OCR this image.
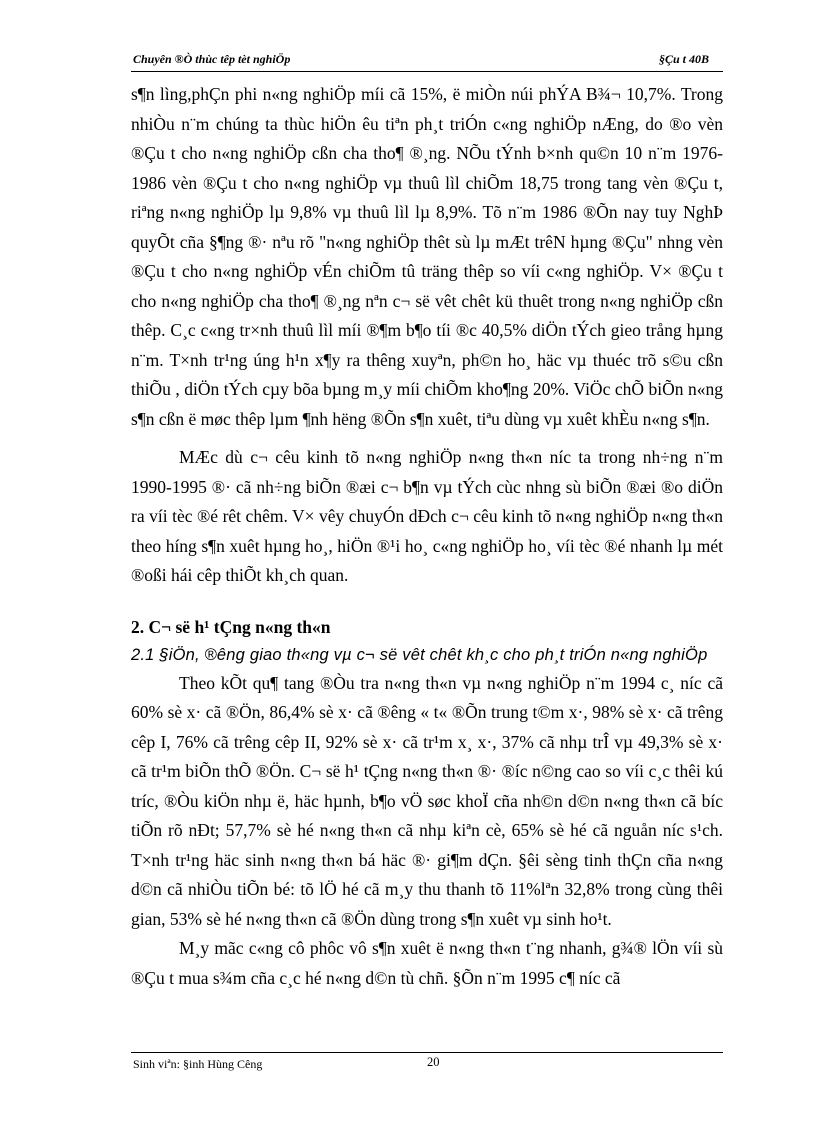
Chuyên ®Ò thùc têp tèt nghiÖp	§Çu t 40B

s¶n lìng,phÇn phi n«ng nghiÖp míi cã 15%, ë miÒn núi phÝA B¾¬ 10,7%. Trong nhiÒu n¨m chúng ta thùc hiÖn êu tiªn ph¸t triÓn c«ng nghiÖp nÆng, do ®o vèn ®Çu t cho n«ng nghiÖp cßn cha tho¶ ®¸ng. NÕu tÝnh b×nh qu©n 10 n¨m 1976-1986 vèn ®Çu t cho n«ng nghiÖp vµ thuû lìl chiÕm 18,75 trong tang vèn ®Çu t, riªng n«ng nghiÖp lµ 9,8% vµ thuû lìl lµ 8,9%. Tõ n¨m 1986 ®Õn nay tuy NghÞ quyÕt cña §¶ng ®· nªu rõ "n«ng nghiÖp thêt sù lµ mÆt trêN hµng ®Çu" nhng vèn ®Çu t cho n«ng nghiÖp vÉn chiÕm tû träng thêp so víi c«ng nghiÖp. V× ®Çu t cho n«ng nghiÖp cha tho¶ ®¸ng nªn c¬ së vêt chêt kü thuêt trong n«ng nghiÖp cßn thêp. C¸c c«ng tr×nh thuû lìl míi ®¶m b¶o tíi ®c 40,5% diÖn tÝch gieo trång hµng n¨m. T×nh tr¹ng úng h¹n x¶y ra thêng xuyªn, ph©n ho¸ häc vµ thuéc trõ s©u cßn thiÕu , diÖn tÝch cµy bõa bµng m¸y míi chiÕm kho¶ng 20%. ViÖc chÕ biÕn n«ng s¶n cßn ë møc thêp lµm ¶nh hëng ®Õn s¶n xuêt, tiªu dùng vµ xuêt khÈu n«ng s¶n.

MÆc dù c¬ cêu kinh tõ n«ng nghiÖp n«ng th«n níc ta trong nh÷ng n¨m 1990-1995 ®· cã nh÷ng biÕn ®æi c¬ b¶n vµ tÝch cùc nhng sù biÕn ®æi ®o diÖn ra víi tèc ®é rêt chêm. V× vêy chuyÓn dÐch c¬ cêu kinh tõ n«ng nghiÖp n«ng th«n theo híng s¶n xuêt hµng ho¸, hiÖn ®¹i ho¸ c«ng nghiÖp ho¸ víi tèc ®é nhanh lµ mét ®oßi hái cêp thiÕt kh¸ch quan.

2. C¬ së h¹ tÇng n«ng th«n
2.1 §iÖn, ®êng giao th«ng vµ c¬ së vêt chêt kh¸c cho ph¸t triÓn n«ng nghiÖp

Theo kÕt qu¶ tang ®Òu tra n«ng th«n vµ n«ng nghiÖp n¨m 1994 c¸ níc cã 60% sè x· cã ®Ön, 86,4% sè x· cã ®êng « t« ®Õn trung t©m x·, 98% sè x· cã trêng cêp I, 76% cã trêng cêp II, 92% sè x· cã tr¹m x¸ x·, 37% cã nhµ trÎ vµ 49,3% sè x· cã tr¹m biÕn thÕ ®Ön. C¬ së h¹ tÇng n«ng th«n ®· ®íc n©ng cao so víi c¸c thêi kú tríc, ®Òu kiÖn nhµ ë, häc hµnh, b¶o vÖ søc khoÏ cña nh©n d©n n«ng th«n cã bíc tiÕn rõ nÐt; 57,7% sè hé n«ng th«n cã nhµ kiªn cè, 65% sè hé cã nguån níc s¹ch. T×nh tr¹ng häc sinh n«ng th«n bá häc ®· gi¶m dÇn. §êi sèng tinh thÇn cña n«ng d©n cã nhiÒu tiÕn bé: tõ lÖ hé cã m¸y thu thanh tõ 11%lªn 32,8% trong cùng thêi gian, 53% sè hé n«ng th«n cã ®Ön dùng trong s¶n xuêt vµ sinh ho¹t.

M¸y mãc c«ng cô phôc vô s¶n xuêt ë n«ng th«n t¨ng nhanh, g¾® lÖn víi sù ®Çu t mua s¾m cña c¸c hé n«ng d©n tù chñ. §Õn n¨m 1995 c¶ níc cã

Sinh viªn: §inh Hùng Cêng	20
